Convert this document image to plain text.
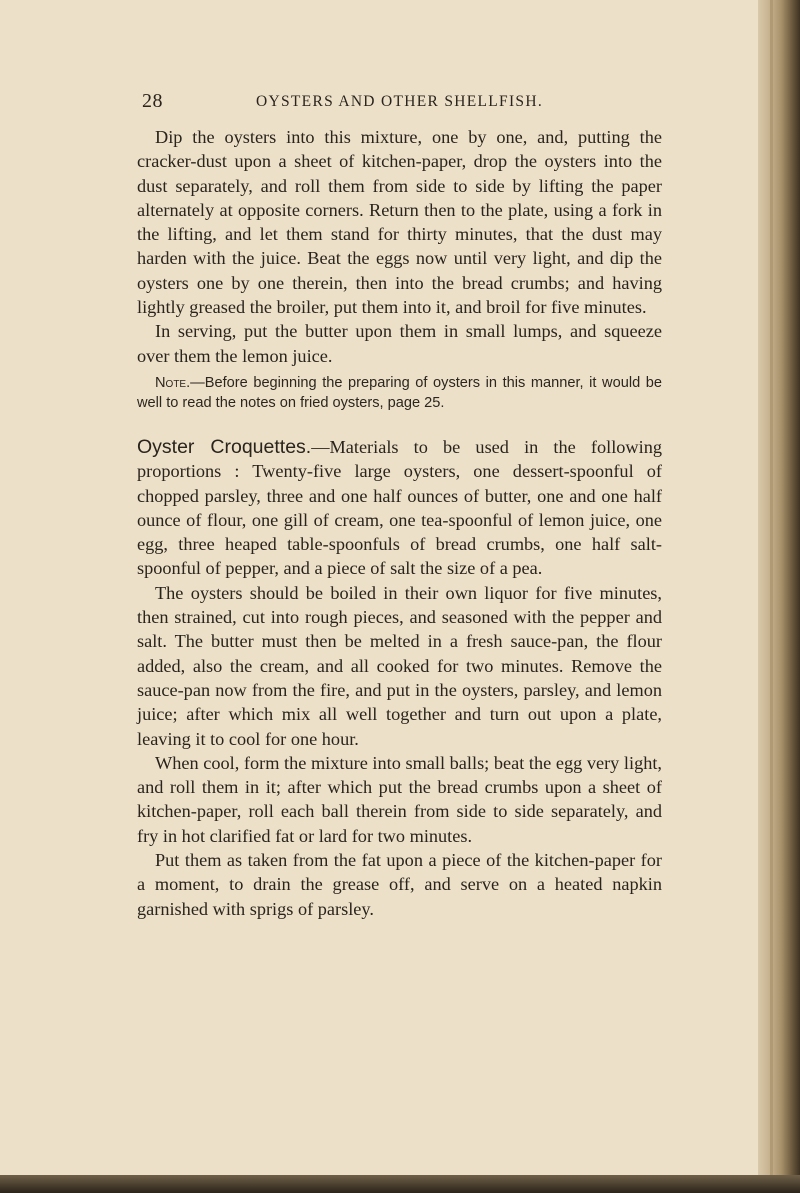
28	OYSTERS AND OTHER SHELLFISH.

Dip the oysters into this mixture, one by one, and, putting the cracker-dust upon a sheet of kitchen-paper, drop the oysters into the dust separately, and roll them from side to side by lifting the paper alternately at opposite corners. Return then to the plate, using a fork in the lifting, and let them stand for thirty minutes, that the dust may harden with the juice. Beat the eggs now until very light, and dip the oysters one by one therein, then into the bread crumbs; and having lightly greased the broiler, put them into it, and broil for five minutes.

In serving, put the butter upon them in small lumps, and squeeze over them the lemon juice.

Note.—Before beginning the preparing of oysters in this manner, it would be well to read the notes on fried oysters, page 25.

Oyster Croquettes.—Materials to be used in the following proportions : Twenty-five large oysters, one dessert-spoonful of chopped parsley, three and one half ounces of butter, one and one half ounce of flour, one gill of cream, one tea-spoonful of lemon juice, one egg, three heaped table-spoonfuls of bread crumbs, one half salt-spoonful of pepper, and a piece of salt the size of a pea.

The oysters should be boiled in their own liquor for five minutes, then strained, cut into rough pieces, and seasoned with the pepper and salt. The butter must then be melted in a fresh sauce-pan, the flour added, also the cream, and all cooked for two minutes. Remove the sauce-pan now from the fire, and put in the oysters, parsley, and lemon juice; after which mix all well together and turn out upon a plate, leaving it to cool for one hour.

When cool, form the mixture into small balls; beat the egg very light, and roll them in it; after which put the bread crumbs upon a sheet of kitchen-paper, roll each ball therein from side to side separately, and fry in hot clarified fat or lard for two minutes.

Put them as taken from the fat upon a piece of the kitchen-paper for a moment, to drain the grease off, and serve on a heated napkin garnished with sprigs of parsley.
